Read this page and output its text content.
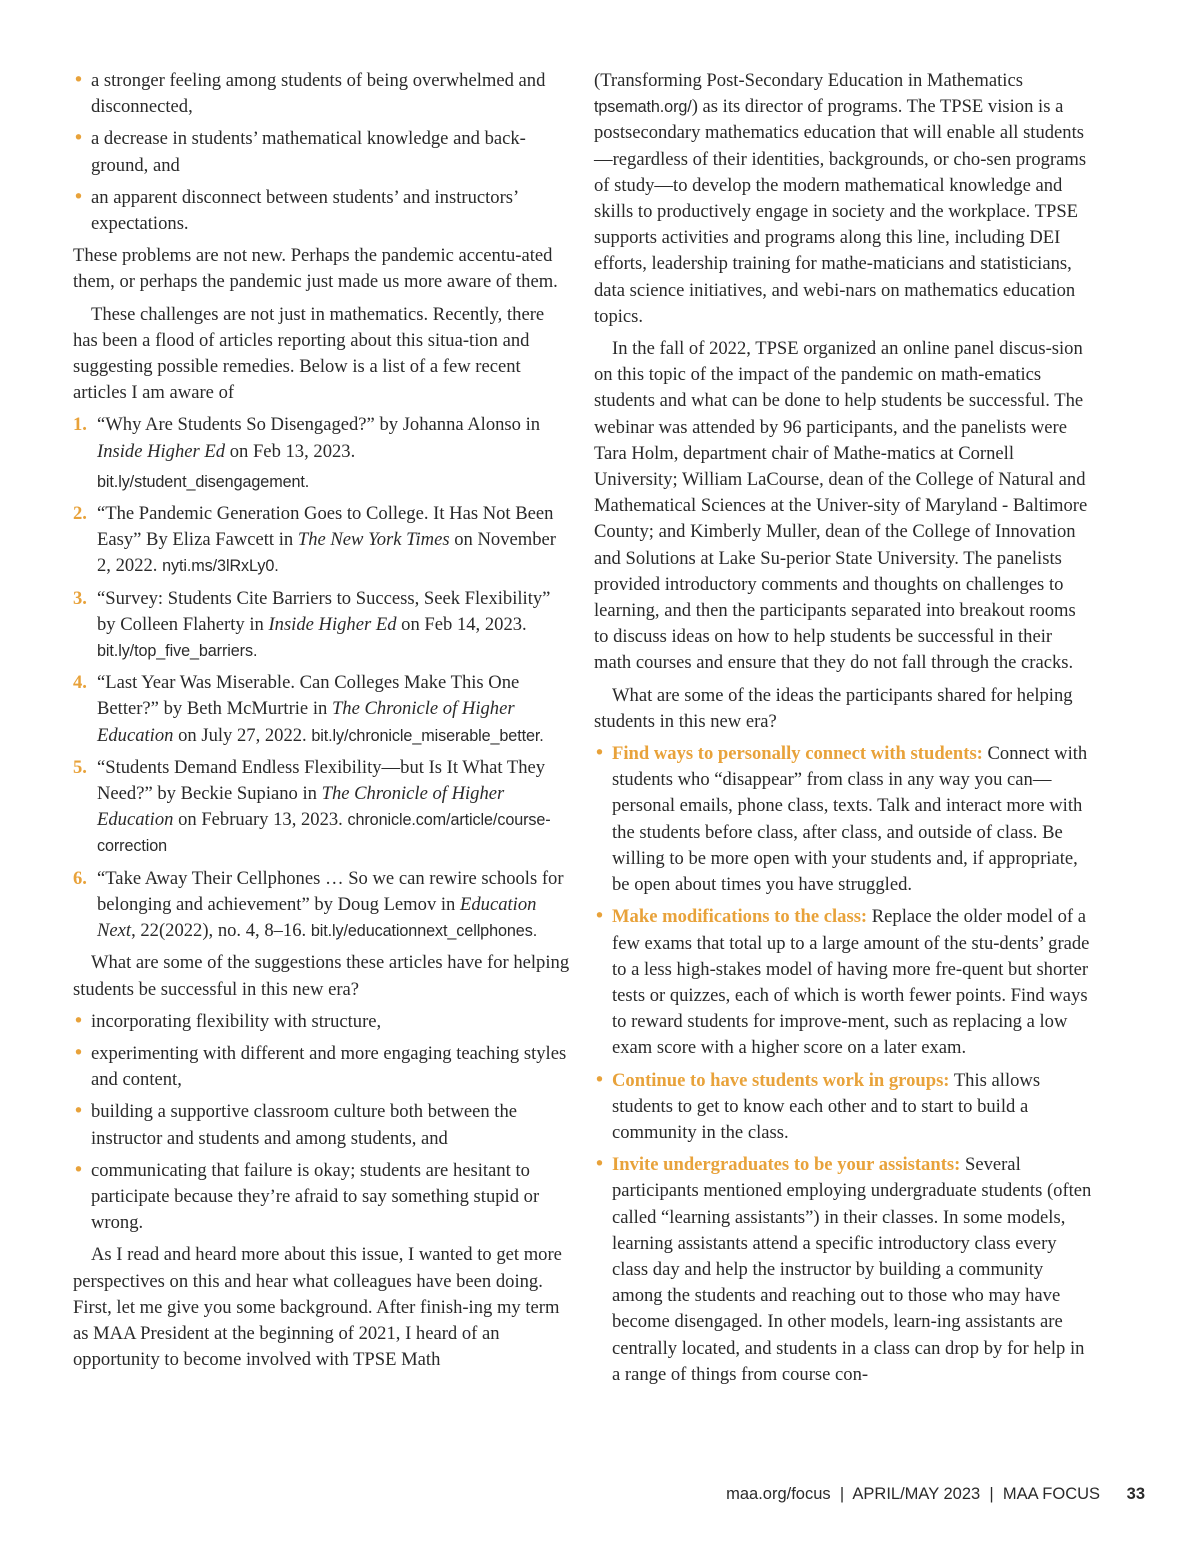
• a stronger feeling among students of being overwhelmed and disconnected,
• a decrease in students’ mathematical knowledge and back-ground, and
• an apparent disconnect between students’ and instructors’ expectations.

These problems are not new. Perhaps the pandemic accentu-ated them, or perhaps the pandemic just made us more aware of them.

These challenges are not just in mathematics. Recently, there has been a flood of articles reporting about this situa-tion and suggesting possible remedies. Below is a list of a few recent articles I am aware of

1. “Why Are Students So Disengaged?” by Johanna Alonso in Inside Higher Ed on Feb 13, 2023.
bit.ly/student_disengagement.
2. “The Pandemic Generation Goes to College. It Has Not Been Easy” By Eliza Fawcett in The New York Times on November 2, 2022. nyti.ms/3lRxLy0.
3. “Survey: Students Cite Barriers to Success, Seek Flexibility” by Colleen Flaherty in Inside Higher Ed on Feb 14, 2023. bit.ly/top_five_barriers.
4. “Last Year Was Miserable. Can Colleges Make This One Better?” by Beth McMurtrie in The Chronicle of Higher Education on July 27, 2022. bit.ly/chronicle_miserable_better.
5. “Students Demand Endless Flexibility—but Is It What They Need?” by Beckie Supiano in The Chronicle of Higher Education on February 13, 2023. chronicle.com/article/course-correction
6. “Take Away Their Cellphones … So we can rewire schools for belonging and achievement” by Doug Lemov in Education Next, 22(2022), no. 4, 8–16. bit.ly/educationnext_cellphones.

What are some of the suggestions these articles have for helping students be successful in this new era?

• incorporating flexibility with structure,
• experimenting with different and more engaging teaching styles and content,
• building a supportive classroom culture both between the instructor and students and among students, and
• communicating that failure is okay; students are hesitant to participate because they’re afraid to say something stupid or wrong.

As I read and heard more about this issue, I wanted to get more perspectives on this and hear what colleagues have been doing. First, let me give you some background. After finish-ing my term as MAA President at the beginning of 2021, I heard of an opportunity to become involved with TPSE Math

(Transforming Post-Secondary Education in Mathematics tpsemath.org/) as its director of programs. The TPSE vision is a postsecondary mathematics education that will enable all students—regardless of their identities, backgrounds, or cho-sen programs of study—to develop the modern mathematical knowledge and skills to productively engage in society and the workplace. TPSE supports activities and programs along this line, including DEI efforts, leadership training for mathe-maticians and statisticians, data science initiatives, and webi-nars on mathematics education topics.

In the fall of 2022, TPSE organized an online panel discus-sion on this topic of the impact of the pandemic on math-ematics students and what can be done to help students be successful. The webinar was attended by 96 participants, and the panelists were Tara Holm, department chair of Mathe-matics at Cornell University; William LaCourse, dean of the College of Natural and Mathematical Sciences at the Univer-sity of Maryland - Baltimore County; and Kimberly Muller, dean of the College of Innovation and Solutions at Lake Su-perior State University. The panelists provided introductory comments and thoughts on challenges to learning, and then the participants separated into breakout rooms to discuss ideas on how to help students be successful in their math courses and ensure that they do not fall through the cracks.

What are some of the ideas the participants shared for helping students in this new era?

• Find ways to personally connect with students: Connect with students who “disappear” from class in any way you can—personal emails, phone class, texts. Talk and interact more with the students before class, after class, and outside of class. Be willing to be more open with your students and, if appropriate, be open about times you have struggled.
• Make modifications to the class: Replace the older model of a few exams that total up to a large amount of the stu-dents’ grade to a less high-stakes model of having more fre-quent but shorter tests or quizzes, each of which is worth fewer points. Find ways to reward students for improve-ment, such as replacing a low exam score with a higher score on a later exam.
• Continue to have students work in groups: This allows students to get to know each other and to start to build a community in the class.
• Invite undergraduates to be your assistants: Several participants mentioned employing undergraduate students (often called “learning assistants”) in their classes. In some models, learning assistants attend a specific introductory class every class day and help the instructor by building a community among the students and reaching out to those who may have become disengaged. In other models, learn-ing assistants are centrally located, and students in a class can drop by for help in a range of things from course con-
maa.org/focus  |  APRIL/MAY 2023  |  MAA FOCUS 33
